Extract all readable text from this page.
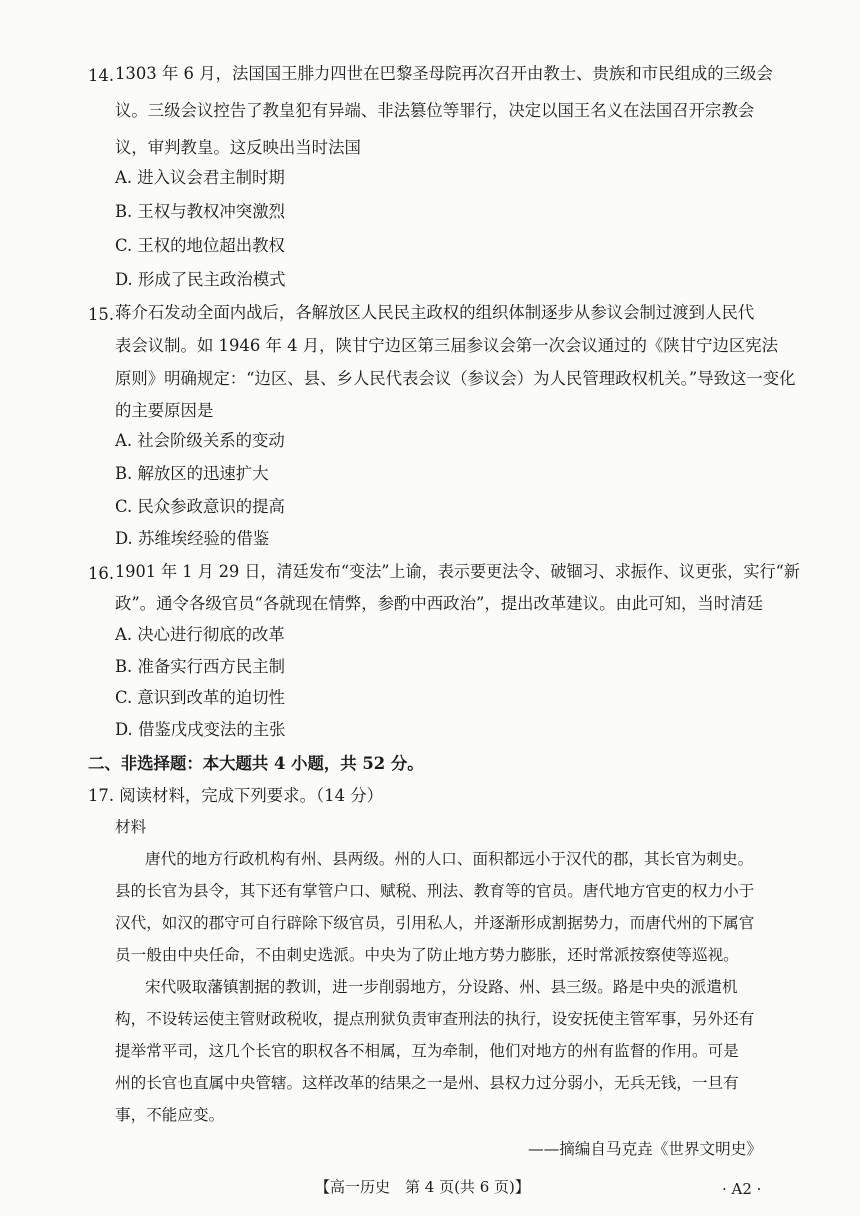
14. 1303 年 6 月，法国国王腓力四世在巴黎圣母院再次召开由教士、贵族和市民组成的三级会
议。三级会议控告了教皇犯有异端、非法篡位等罪行，决定以国王名义在法国召开宗教会
议，审判教皇。这反映出当时法国
A. 进入议会君主制时期
B. 王权与教权冲突激烈
C. 王权的地位超出教权
D. 形成了民主政治模式
15. 蒋介石发动全面内战后，各解放区人民民主政权的组织体制逐步从参议会制过渡到人民代
表会议制。如 1946 年 4 月，陕甘宁边区第三届参议会第一次会议通过的《陕甘宁边区宪法
原则》明确规定：“边区、县、乡人民代表会议（参议会）为人民管理政权机关。”导致这一变化
的主要原因是
A. 社会阶级关系的变动
B. 解放区的迅速扩大
C. 民众参政意识的提高
D. 苏维埃经验的借鉴
16. 1901 年 1 月 29 日，清廷发布“变法”上谕，表示要更法令、破锢习、求振作、议更张，实行“新
政”。通令各级官员“各就现在情弊，参酌中西政治”，提出改革建议。由此可知，当时清廷
A. 决心进行彻底的改革
B. 准备实行西方民主制
C. 意识到改革的迫切性
D. 借鉴戊戌变法的主张
二、非选择题：本大题共 4 小题，共 52 分。
17. 阅读材料，完成下列要求。（14 分）
材料
唐代的地方行政机构有州、县两级。州的人口、面积都远小于汉代的郡，其长官为刺史。
县的长官为县令，其下还有掌管户口、赋税、刑法、教育等的官员。唐代地方官吏的权力小于
汉代，如汉的郡守可自行辟除下级官员，引用私人，并逐渐形成割据势力，而唐代州的下属官
员一般由中央任命，不由刺史选派。中央为了防止地方势力膨胀，还时常派按察使等巡视。
宋代吸取藩镇割据的教训，进一步削弱地方，分设路、州、县三级。路是中央的派遣机
构，不设转运使主管财政税收，提点刑狱负责审查刑法的执行，设安抚使主管军事，另外还有
提举常平司，这几个长官的职权各不相属，互为牵制，他们对地方的州有监督的作用。可是
州的长官也直属中央管辖。这样改革的结果之一是州、县权力过分弱小，无兵无钱，一旦有
事，不能应变。
——摘编自马克垚《世界文明史》
【高一历史　第 4 页(共 6 页)】	· A2 ·
